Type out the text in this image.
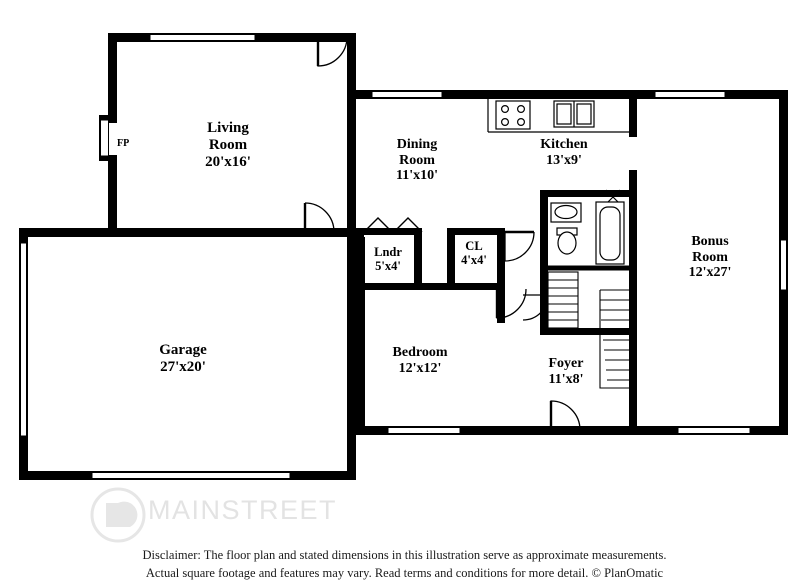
Living
Room
20'x16'
Dining
Room
11'x10'
Kitchen
13'x9'
Bonus
Room
12'x27'
Lndr
5'x4'
CL
4'x4'
Garage
27'x20'
Bedroom
12'x12'	Foyer
11'x8'
FP
MAINSTREET
Disclaimer: The floor plan and stated dimensions in this illustration serve as approximate measurements.
Actual square footage and features may vary. Read terms and conditions for more detail. © PlanOmatic
